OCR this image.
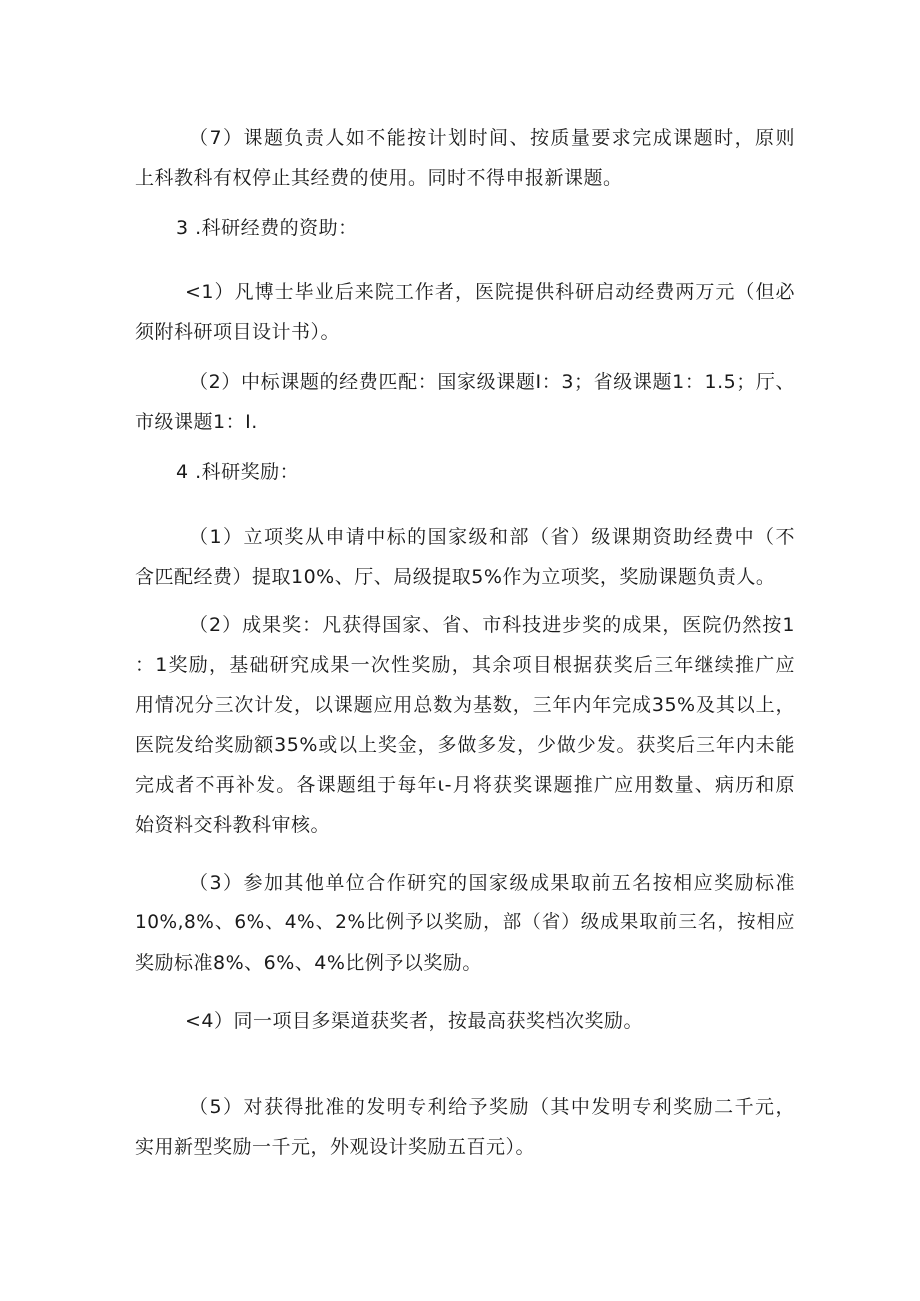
（7）课题负责人如不能按计划时间、按质量要求完成课题时，原则
上科教科有权停止其经费的使用。同时不得申报新课题。
3 .科研经费的资助：
<1）凡博士毕业后来院工作者，医院提供科研启动经费两万元（但必
须附科研项目设计书）。
（2）中标课题的经费匹配：国家级课题I：3；省级课题1：1.5；厅、
市级课题1：I.
4 .科研奖励：
（1）立项奖从申请中标的国家级和部（省）级课期资助经费中（不
含匹配经费）提取10%、厅、局级提取5%作为立项奖，奖励课题负责人。
（2）成果奖：凡获得国家、省、市科技进步奖的成果，医院仍然按1
：1奖励，基础研究成果一次性奖励，其余项目根据获奖后三年继续推广应
用情况分三次计发，以课题应用总数为基数，三年内年完成35%及其以上，
医院发给奖励额35%或以上奖金，多做多发，少做少发。获奖后三年内未能
完成者不再补发。各课题组于每年ι-月将获奖课题推广应用数量、病历和原
始资料交科教科审核。
（3）参加其他单位合作研究的国家级成果取前五名按相应奖励标准
10%,8%、6%、4%、2%比例予以奖励，部（省）级成果取前三名，按相应
奖励标准8%、6%、4%比例予以奖励。
<4）同一项目多渠道获奖者，按最高获奖档次奖励。
（5）对获得批准的发明专利给予奖励（其中发明专利奖励二千元，
实用新型奖励一千元，外观设计奖励五百元）。
